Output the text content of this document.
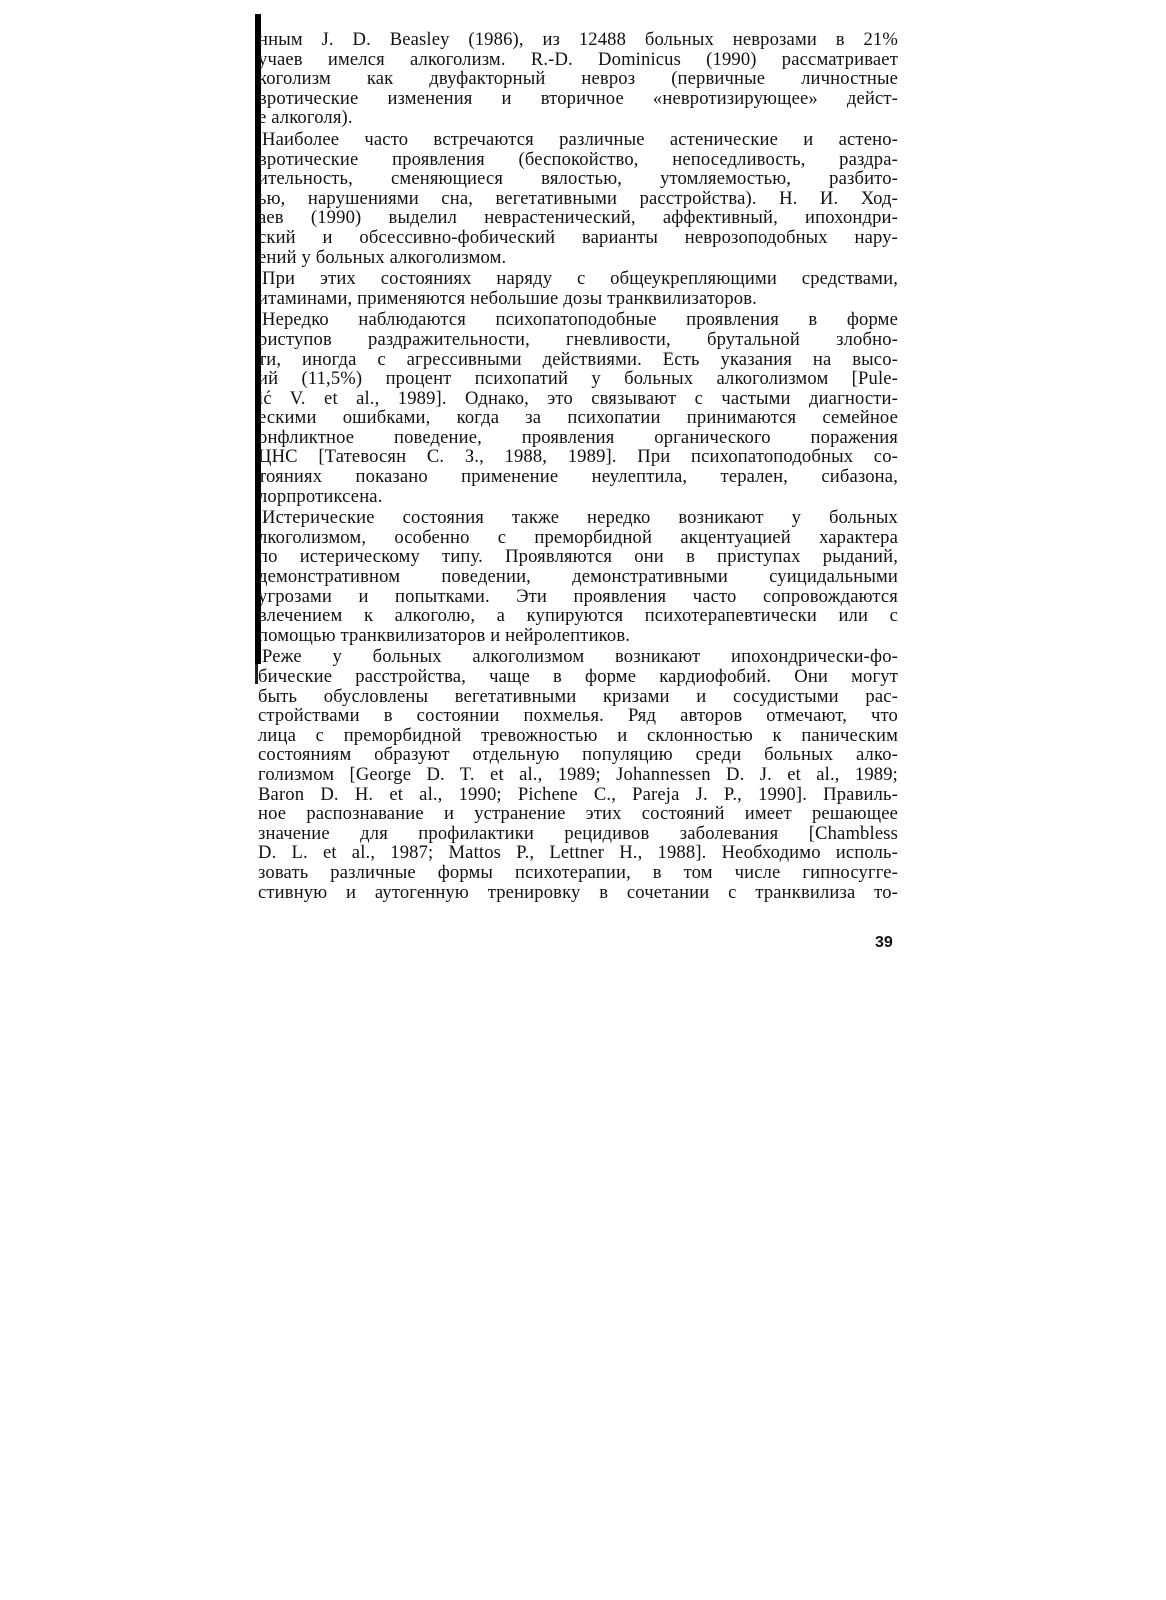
нным J. D. Beasley (1986), из 12488 больных неврозами в 21%
учаев имелся алкоголизм. R.-D. Dominicus (1990) рассматривает
коголизм как двуфакторный невроз (первичные личностные
вротические изменения и вторичное «невротизирующее» дейст-
е алкоголя).

Наиболее часто встречаются различные астенические и астено-
вротические проявления (беспокойство, непоседливость, раздра-
ительность, сменяющиеся вялостью, утомляемостью, разбито-
ью, нарушениями сна, вегетативными расстройства). Н. И. Ход-
аев (1990) выделил неврастенический, аффективный, ипохондри-
ский и обсессивно-фобический варианты неврозоподобных нару-
ений у больных алкоголизмом.

При этих состояниях наряду с общеукрепляющими средствами,
итаминами, применяются небольшие дозы транквилизаторов.

Нередко наблюдаются психопатоподобные проявления в форме
риступов раздражительности, гневливости, брутальной злобно-
ти, иногда с агрессивными действиями. Есть указания на высо-
ий (11,5%) процент психопатий у больных алкоголизмом [Pule-
ić V. et al., 1989]. Однако, это связывают с частыми диагности-
ескими ошибками, когда за психопатии принимаются семейное
онфликтное поведение, проявления органического поражения
ЦНС [Татевосян С. З., 1988, 1989]. При психопатоподобных со-
тояниях показано применение неулептила, терален, сибазона,
лорпротиксена.

Истерические состояния также нередко возникают у больных
лкоголизмом, особенно с преморбидной акцентуацией характера
по истерическому типу. Проявляются они в приступах рыданий,
демонстративном поведении, демонстративными суицидальными
угрозами и попытками. Эти проявления часто сопровождаются
влечением к алкоголю, а купируются психотерапевтически или с
помощью транквилизаторов и нейролептиков.

Реже у больных алкоголизмом возникают ипохондрически-фо-
бические расстройства, чаще в форме кардиофобий. Они могут
быть обусловлены вегетативными кризами и сосудистыми рас-
стройствами в состоянии похмелья. Ряд авторов отмечают, что
лица с преморбидной тревожностью и склонностью к паническим
состояниям образуют отдельную популяцию среди больных алко-
голизмом [George D. T. et al., 1989; Johannessen D. J. et al., 1989;
Baron D. H. et al., 1990; Pichene C., Pareja J. P., 1990]. Правиль-
ное распознавание и устранение этих состояний имеет решающее
значение для профилактики рецидивов заболевания [Chambless
D. L. et al., 1987; Mattos P., Lettner H., 1988]. Необходимо исполь-
зовать различные формы психотерапии, в том числе гипносугге-
стивную и аутогенную тренировку в сочетании с транквилиза то-

39
